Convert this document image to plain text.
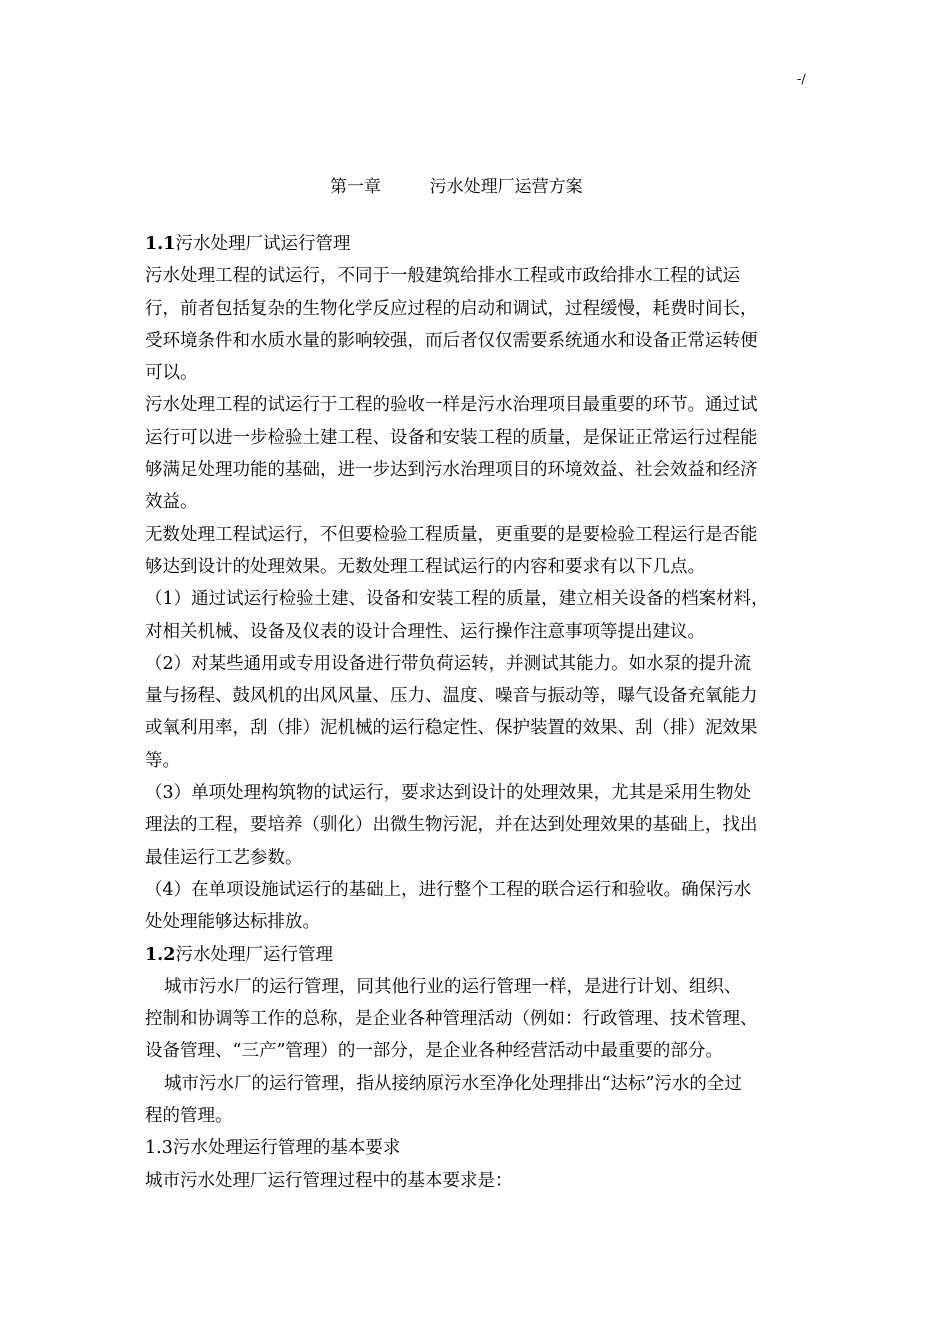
-/
第一章	污水处理厂运营方案
1.1污水处理厂试运行管理
污水处理工程的试运行，不同于一般建筑给排水工程或市政给排水工程的试运
行，前者包括复杂的生物化学反应过程的启动和调试，过程缓慢，耗费时间长，
受环境条件和水质水量的影响较强，而后者仅仅需要系统通水和设备正常运转便
可以。
污水处理工程的试运行于工程的验收一样是污水治理项目最重要的环节。通过试
运行可以进一步检验土建工程、设备和安装工程的质量，是保证正常运行过程能
够满足处理功能的基础，进一步达到污水治理项目的环境效益、社会效益和经济
效益。
无数处理工程试运行，不但要检验工程质量，更重要的是要检验工程运行是否能
够达到设计的处理效果。无数处理工程试运行的内容和要求有以下几点。
（1）通过试运行检验土建、设备和安装工程的质量，建立相关设备的档案材料，
对相关机械、设备及仪表的设计合理性、运行操作注意事项等提出建议。
（2）对某些通用或专用设备进行带负荷运转，并测试其能力。如水泵的提升流
量与扬程、鼓风机的出风风量、压力、温度、噪音与振动等，曝气设备充氧能力
或氧利用率，刮（排）泥机械的运行稳定性、保护装置的效果、刮（排）泥效果
等。
（3）单项处理构筑物的试运行，要求达到设计的处理效果，尤其是采用生物处
理法的工程，要培养（驯化）出微生物污泥，并在达到处理效果的基础上，找出
最佳运行工艺参数。
（4）在单项设施试运行的基础上，进行整个工程的联合运行和验收。确保污水
处处理能够达标排放。
1.2污水处理厂运行管理
城市污水厂的运行管理，同其他行业的运行管理一样，是进行计划、组织、
控制和协调等工作的总称，是企业各种管理活动（例如：行政管理、技术管理、
设备管理、“三产”管理）的一部分，是企业各种经营活动中最重要的部分。
城市污水厂的运行管理，指从接纳原污水至净化处理排出“达标”污水的全过
程的管理。
1.3污水处理运行管理的基本要求
城市污水处理厂运行管理过程中的基本要求是：
